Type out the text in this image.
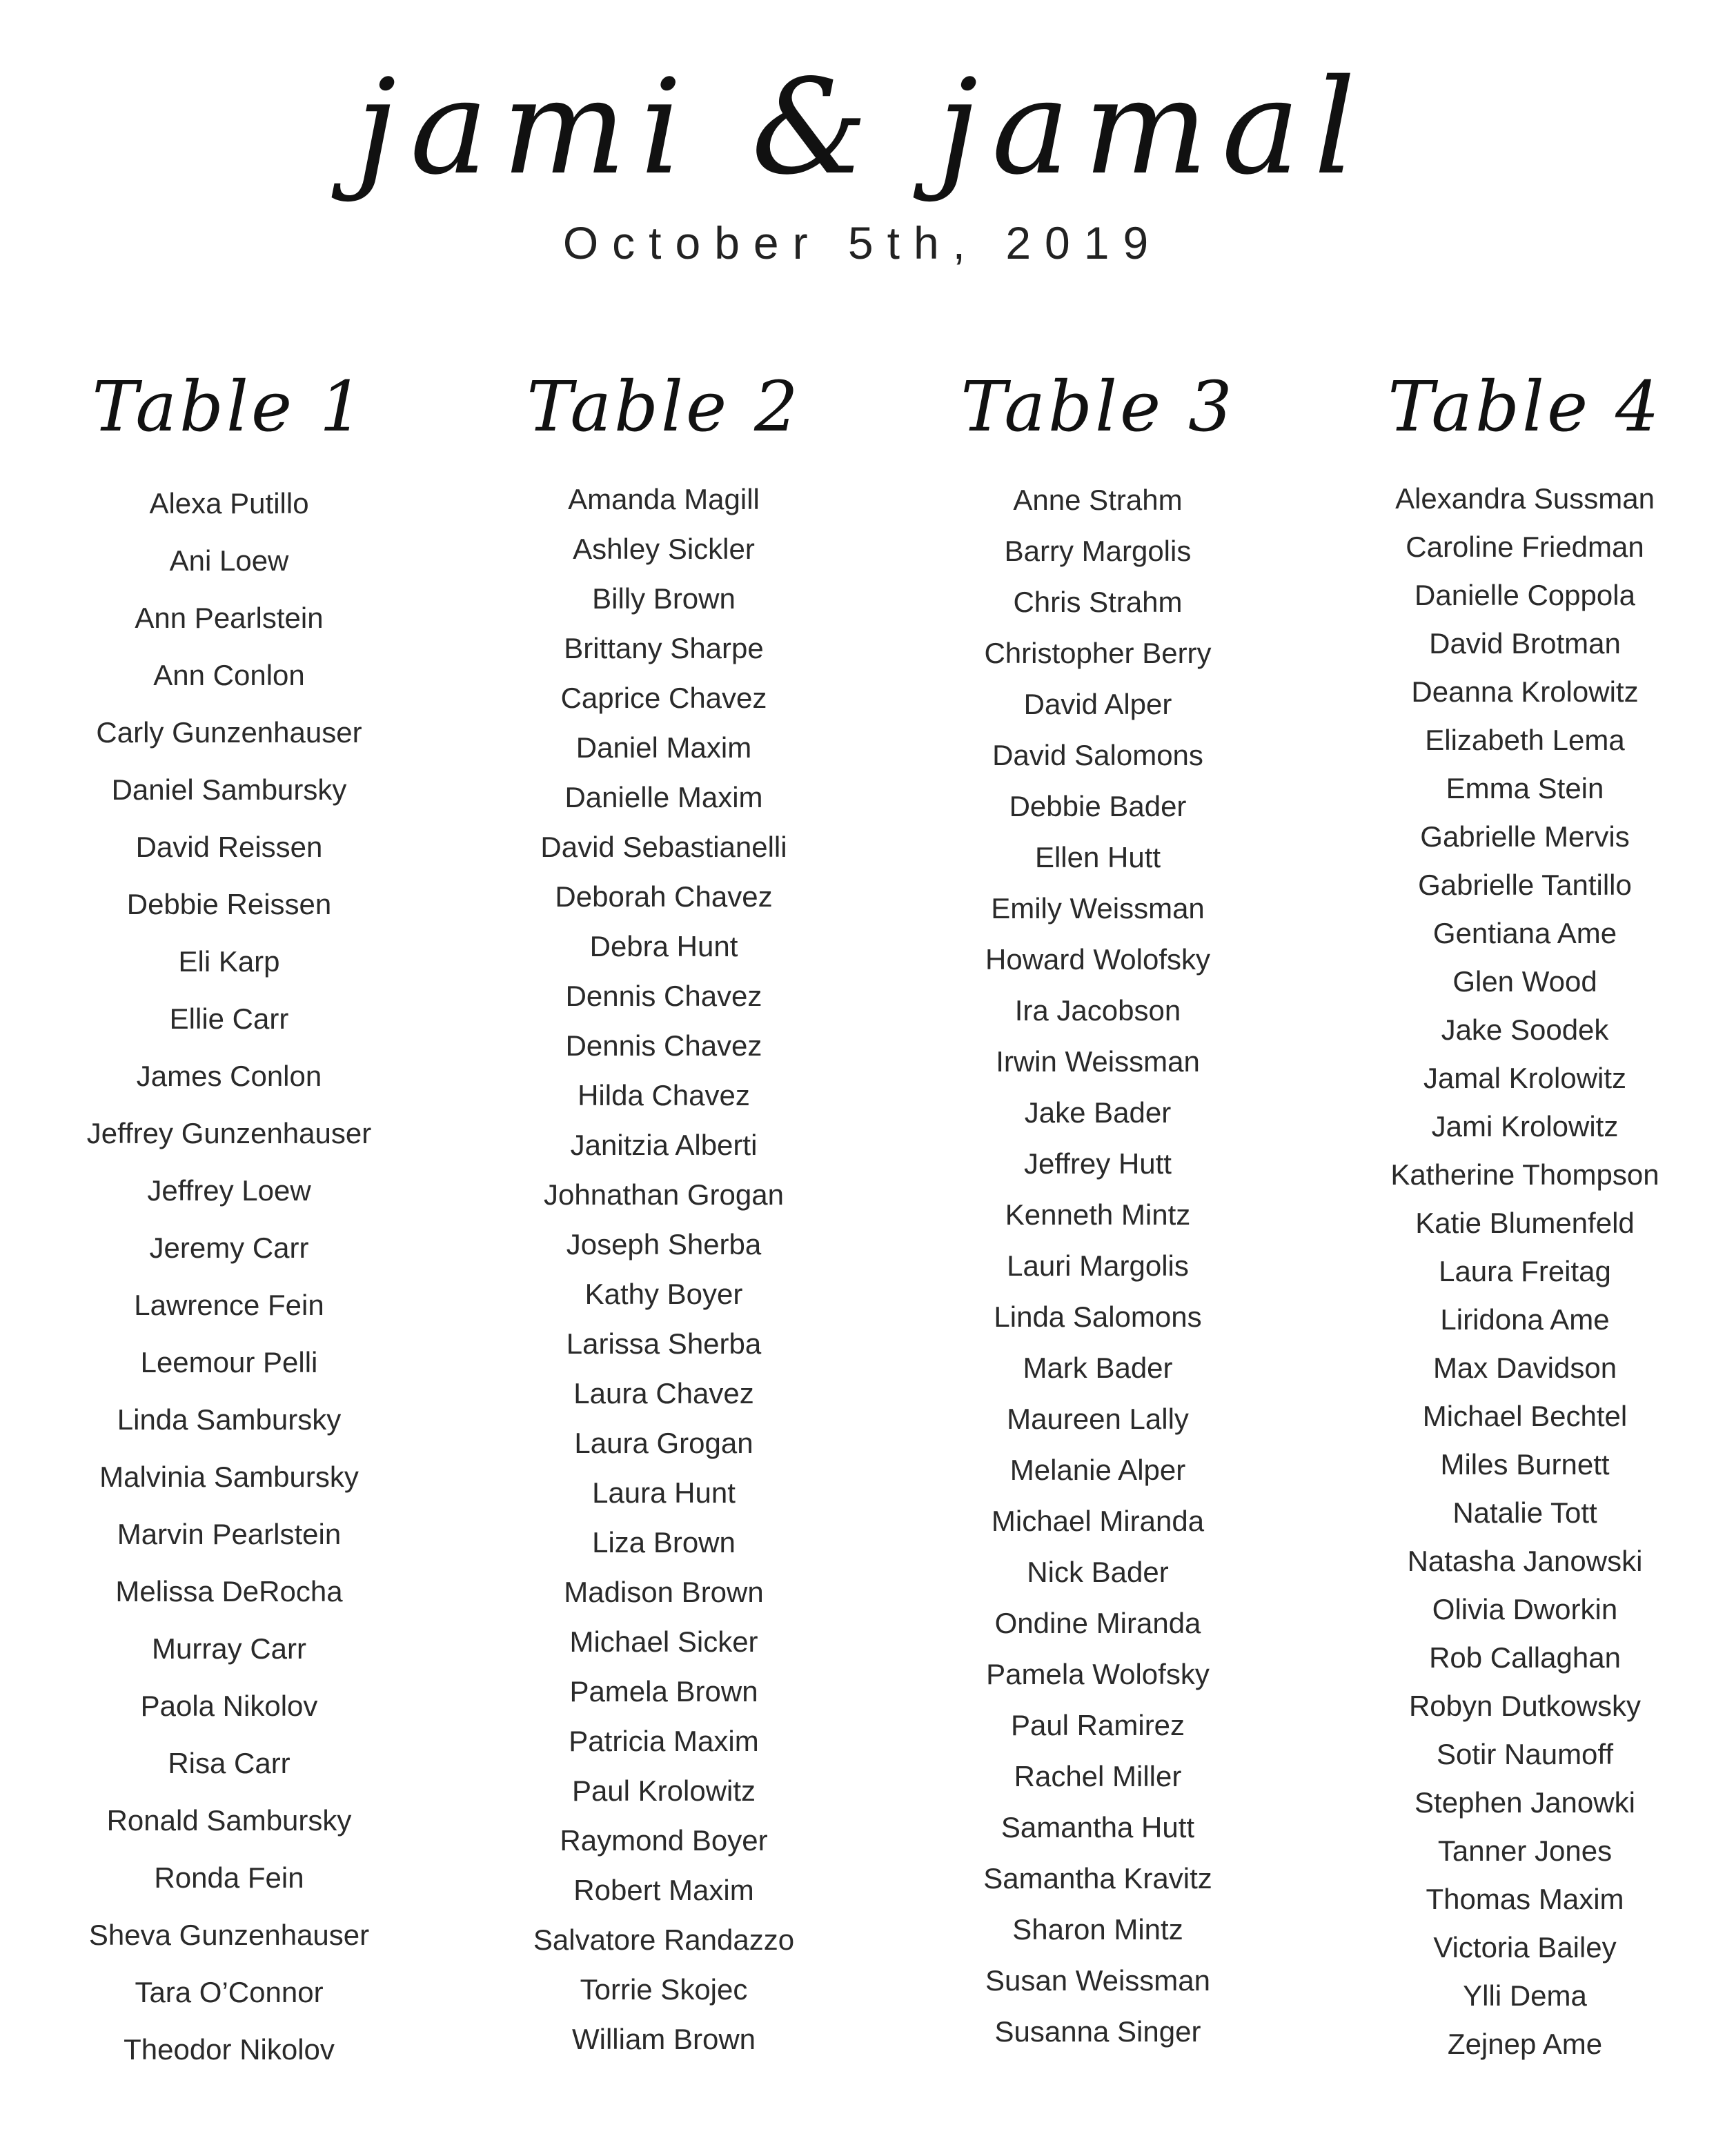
jami & jamal
October 5th, 2019
Table 1
Alexa Putillo
Ani Loew
Ann Pearlstein
Ann Conlon
Carly Gunzenhauser
Daniel Sambursky
David Reissen
Debbie Reissen
Eli Karp
Ellie Carr
James Conlon
Jeffrey Gunzenhauser
Jeffrey Loew
Jeremy Carr
Lawrence Fein
Leemour Pelli
Linda Sambursky
Malvinia Sambursky
Marvin Pearlstein
Melissa DeRocha
Murray Carr
Paola Nikolov
Risa Carr
Ronald Sambursky
Ronda Fein
Sheva Gunzenhauser
Tara O’Connor
Theodor Nikolov
Table 2
Amanda Magill
Ashley Sickler
Billy Brown
Brittany Sharpe
Caprice Chavez
Daniel Maxim
Danielle Maxim
David Sebastianelli
Deborah Chavez
Debra Hunt
Dennis Chavez
Dennis Chavez
Hilda Chavez
Janitzia Alberti
Johnathan Grogan
Joseph Sherba
Kathy Boyer
Larissa Sherba
Laura Chavez
Laura Grogan
Laura Hunt
Liza Brown
Madison Brown
Michael Sicker
Pamela Brown
Patricia Maxim
Paul Krolowitz
Raymond Boyer
Robert Maxim
Salvatore Randazzo
Torrie Skojec
William Brown
Table 3
Anne Strahm
Barry Margolis
Chris Strahm
Christopher Berry
David Alper
David Salomons
Debbie Bader
Ellen Hutt
Emily Weissman
Howard Wolofsky
Ira Jacobson
Irwin Weissman
Jake Bader
Jeffrey Hutt
Kenneth Mintz
Lauri Margolis
Linda Salomons
Mark Bader
Maureen Lally
Melanie Alper
Michael Miranda
Nick Bader
Ondine Miranda
Pamela Wolofsky
Paul Ramirez
Rachel Miller
Samantha Hutt
Samantha Kravitz
Sharon Mintz
Susan Weissman
Susanna Singer
Table 4
Alexandra Sussman
Caroline Friedman
Danielle Coppola
David Brotman
Deanna Krolowitz
Elizabeth Lema
Emma Stein
Gabrielle Mervis
Gabrielle Tantillo
Gentiana Ame
Glen Wood
Jake Soodek
Jamal Krolowitz
Jami Krolowitz
Katherine Thompson
Katie Blumenfeld
Laura Freitag
Liridona Ame
Max Davidson
Michael Bechtel
Miles Burnett
Natalie Tott
Natasha Janowski
Olivia Dworkin
Rob Callaghan
Robyn Dutkowsky
Sotir Naumoff
Stephen Janowki
Tanner Jones
Thomas Maxim
Victoria Bailey
Ylli Dema
Zejnep Ame
